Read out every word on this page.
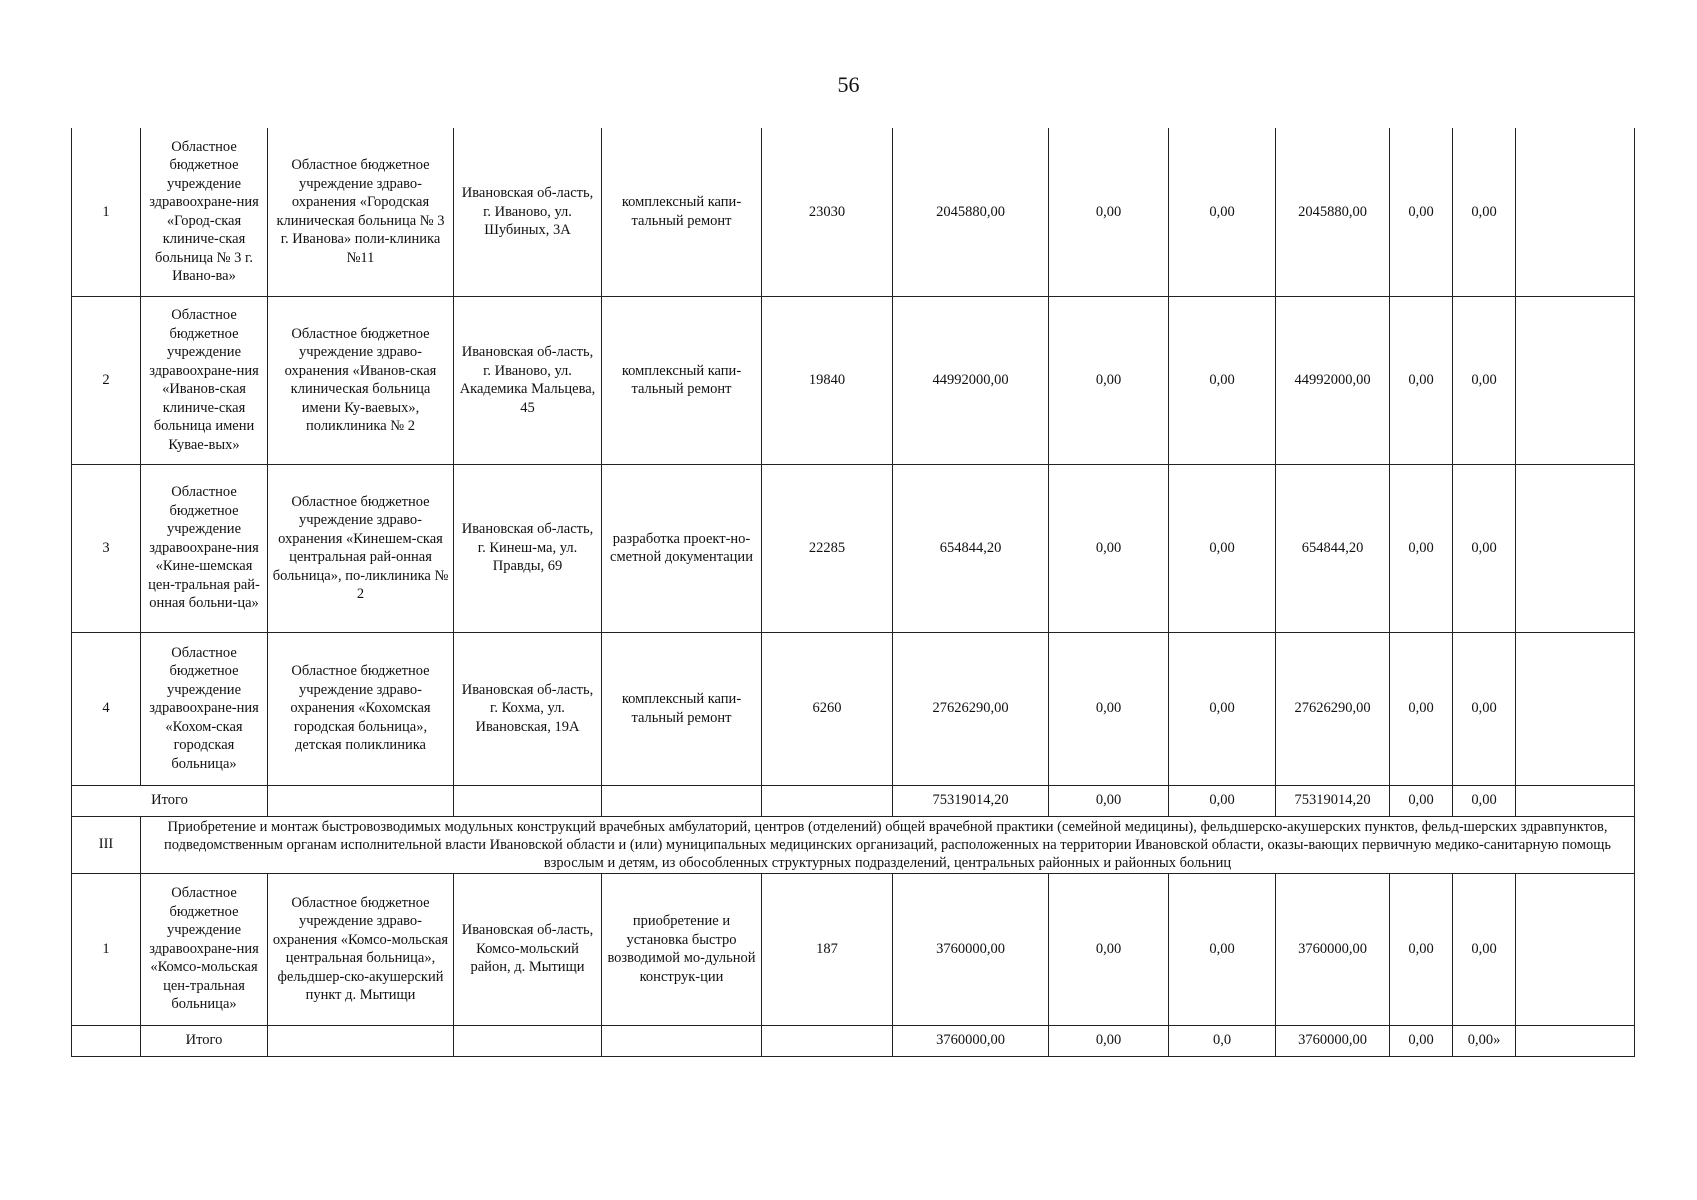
56
1	Областное бюджетное учреждение здравоохране-ния «Город-ская клиниче-ская больница № 3 г. Ивано-ва»	Областное бюджетное учреждение здраво-охранения «Городская клиническая больница № 3 г. Иванова» поли-клиника №11	Ивановская об-ласть, г. Иваново, ул. Шубиных, 3А	комплексный капи-тальный ремонт	23030	2045880,00	0,00	0,00	2045880,00	0,00	0,00	
2	Областное бюджетное учреждение здравоохране-ния «Иванов-ская клиниче-ская больница имени Кувае-вых»	Областное бюджетное учреждение здраво-охранения «Иванов-ская клиническая больница имени Ку-ваевых», поликлиника № 2	Ивановская об-ласть, г. Иваново, ул. Академика Мальцева, 45	комплексный капи-тальный ремонт	19840	44992000,00	0,00	0,00	44992000,00	0,00	0,00	
3	Областное бюджетное учреждение здравоохране-ния «Кине-шемская цен-тральная рай-онная больни-ца»	Областное бюджетное учреждение здраво-охранения «Кинешем-ская центральная рай-онная больница», по-ликлиника № 2	Ивановская об-ласть, г. Кинеш-ма, ул. Правды, 69	разработка проект-но-сметной документации	22285	654844,20	0,00	0,00	654844,20	0,00	0,00	
4	Областное бюджетное учреждение здравоохране-ния «Кохом-ская городская больница»	Областное бюджетное учреждение здраво-охранения «Кохомская городская больница», детская поликлиника	Ивановская об-ласть, г. Кохма, ул. Ивановская, 19А	комплексный капи-тальный ремонт	6260	27626290,00	0,00	0,00	27626290,00	0,00	0,00	
Итого						75319014,20	0,00	0,00	75319014,20	0,00	0,00	
III	Приобретение и монтаж быстровозводимых модульных конструкций врачебных амбулаторий, центров (отделений) общей врачебной практики (семейной медицины), фельдшерско-акушерских пунктов, фельд-шерских здравпунктов, подведомственным органам исполнительной власти Ивановской области и (или) муниципальных медицинских организаций, расположенных на территории Ивановской области, оказы-вающих первичную медико-санитарную помощь взрослым и детям, из обособленных структурных подразделений, центральных районных и районных больниц											
1	Областное бюджетное учреждение здравоохране-ния «Комсо-мольская цен-тральная больница»	Областное бюджетное учреждение здраво-охранения «Комсо-мольская центральная больница», фельдшер-ско-акушерский пункт д. Мытищи	Ивановская об-ласть, Комсо-мольский район, д. Мытищи	приобретение и установка быстро возводимой мо-дульной конструк-ции	187	3760000,00	0,00	0,00	3760000,00	0,00	0,00	
	Итого					3760000,00	0,00	0,0	3760000,00	0,00	0,00»	
